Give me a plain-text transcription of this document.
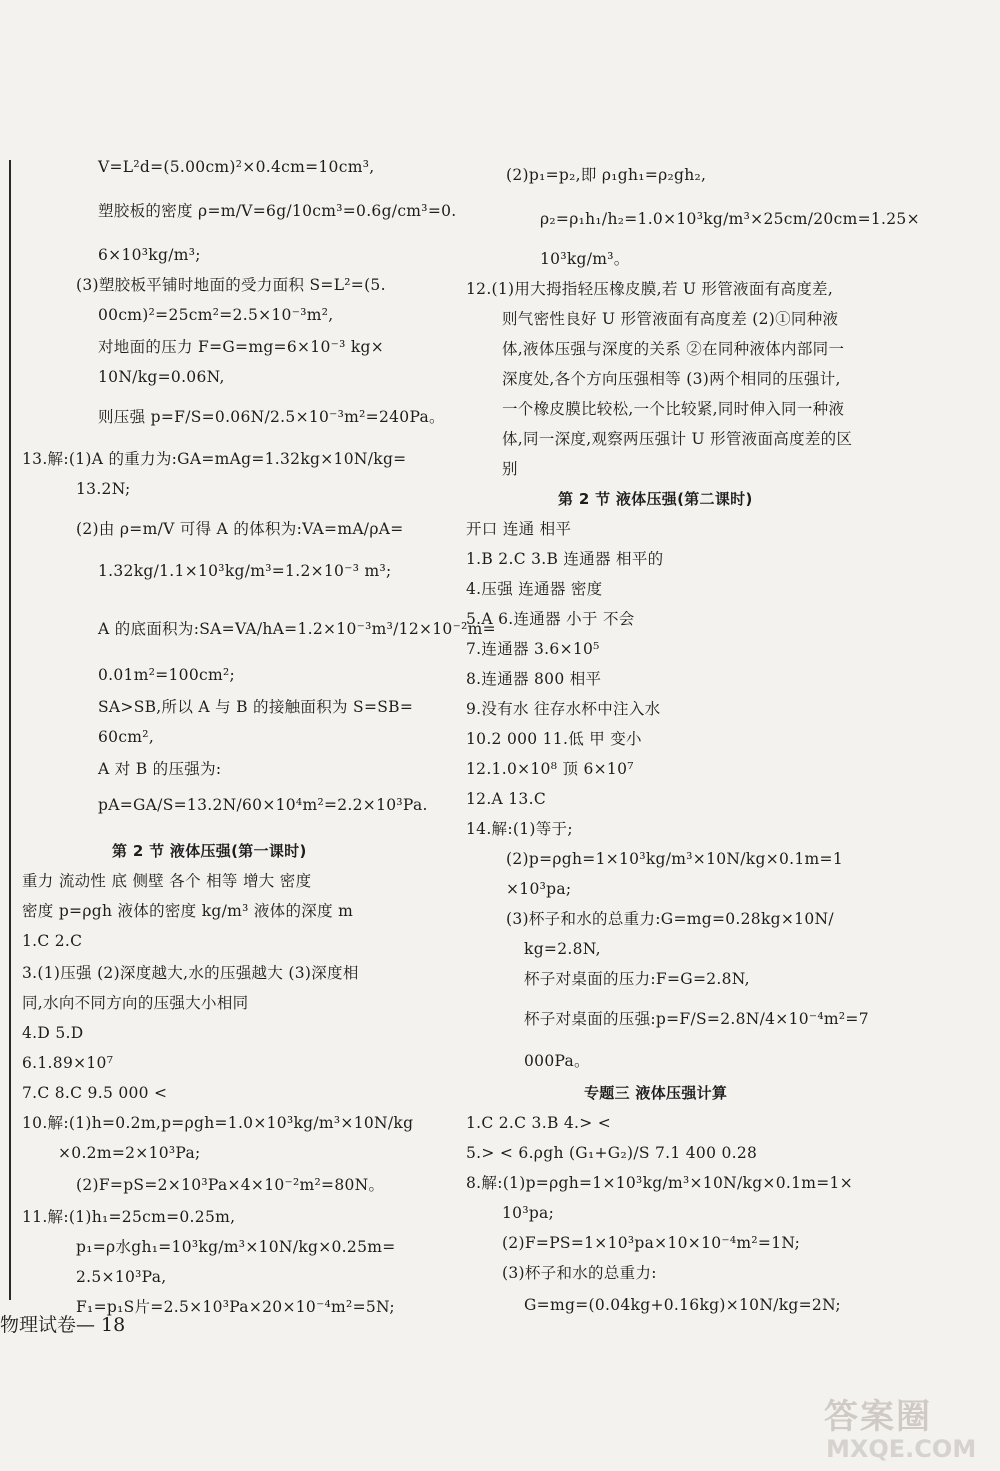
V=L²d=(5.00cm)²×0.4cm=10cm³,
塑胶板的密度 ρ=m/V=6g/10cm³=0.6g/cm³=0.
6×10³kg/m³;
(3)塑胶板平铺时地面的受力面积 S=L²=(5.
00cm)²=25cm²=2.5×10⁻³m²,
对地面的压力 F=G=mg=6×10⁻³ kg×
10N/kg=0.06N,
则压强 p=F/S=0.06N/2.5×10⁻³m²=240Pa。
13.解:(1)A 的重力为:GA=mAg=1.32kg×10N/kg=
13.2N;
(2)由 ρ=m/V 可得 A 的体积为:VA=mA/ρA=
1.32kg/1.1×10³kg/m³=1.2×10⁻³ m³;
A 的底面积为:SA=VA/hA=1.2×10⁻³m³/12×10⁻²m=
0.01m²=100cm²;
SA>SB,所以 A 与 B 的接触面积为 S=SB=
60cm²,
A 对 B 的压强为:
pA=GA/S=13.2N/60×10⁴m²=2.2×10³Pa.
第 2 节 液体压强(第一课时)
重力 流动性 底 侧壁 各个 相等 增大 密度
密度 p=ρgh 液体的密度 kg/m³ 液体的深度 m
1.C 2.C
3.(1)压强 (2)深度越大,水的压强越大 (3)深度相
同,水向不同方向的压强大小相同
4.D 5.D
6.1.89×10⁷
7.C 8.C 9.5 000 <
10.解:(1)h=0.2m,p=ρgh=1.0×10³kg/m³×10N/kg
×0.2m=2×10³Pa;
(2)F=pS=2×10³Pa×4×10⁻²m²=80N。
11.解:(1)h₁=25cm=0.25m,
p₁=ρ水gh₁=10³kg/m³×10N/kg×0.25m=
2.5×10³Pa,
F₁=p₁S片=2.5×10³Pa×20×10⁻⁴m²=5N;
(2)p₁=p₂,即 ρ₁gh₁=ρ₂gh₂,
ρ₂=ρ₁h₁/h₂=1.0×10³kg/m³×25cm/20cm=1.25×
10³kg/m³。
12.(1)用大拇指轻压橡皮膜,若 U 形管液面有高度差,
则气密性良好 U 形管液面有高度差 (2)①同种液
体,液体压强与深度的关系 ②在同种液体内部同一
深度处,各个方向压强相等 (3)两个相同的压强计,
一个橡皮膜比较松,一个比较紧,同时伸入同一种液
体,同一深度,观察两压强计 U 形管液面高度差的区
别
第 2 节 液体压强(第二课时)
开口 连通 相平
1.B 2.C 3.B 连通器 相平的
4.压强 连通器 密度
5.A 6.连通器 小于 不会
7.连通器 3.6×10⁵
8.连通器 800 相平
9.没有水 往存水杯中注入水
10.2 000 11.低 甲 变小
12.1.0×10⁸ 顶 6×10⁷
12.A 13.C
14.解:(1)等于;
(2)p=ρgh=1×10³kg/m³×10N/kg×0.1m=1
×10³pa;
(3)杯子和水的总重力:G=mg=0.28kg×10N/
kg=2.8N,
杯子对桌面的压力:F=G=2.8N,
杯子对桌面的压强:p=F/S=2.8N/4×10⁻⁴m²=7
000Pa。
专题三 液体压强计算
1.C 2.C 3.B 4.> <
5.> < 6.ρgh (G₁+G₂)/S 7.1 400 0.28
8.解:(1)p=ρgh=1×10³kg/m³×10N/kg×0.1m=1×
10³pa;
(2)F=PS=1×10³pa×10×10⁻⁴m²=1N;
(3)杯子和水的总重力:
G=mg=(0.04kg+0.16kg)×10N/kg=2N;
物理试卷— 18
答案圈
MXQE.COM
